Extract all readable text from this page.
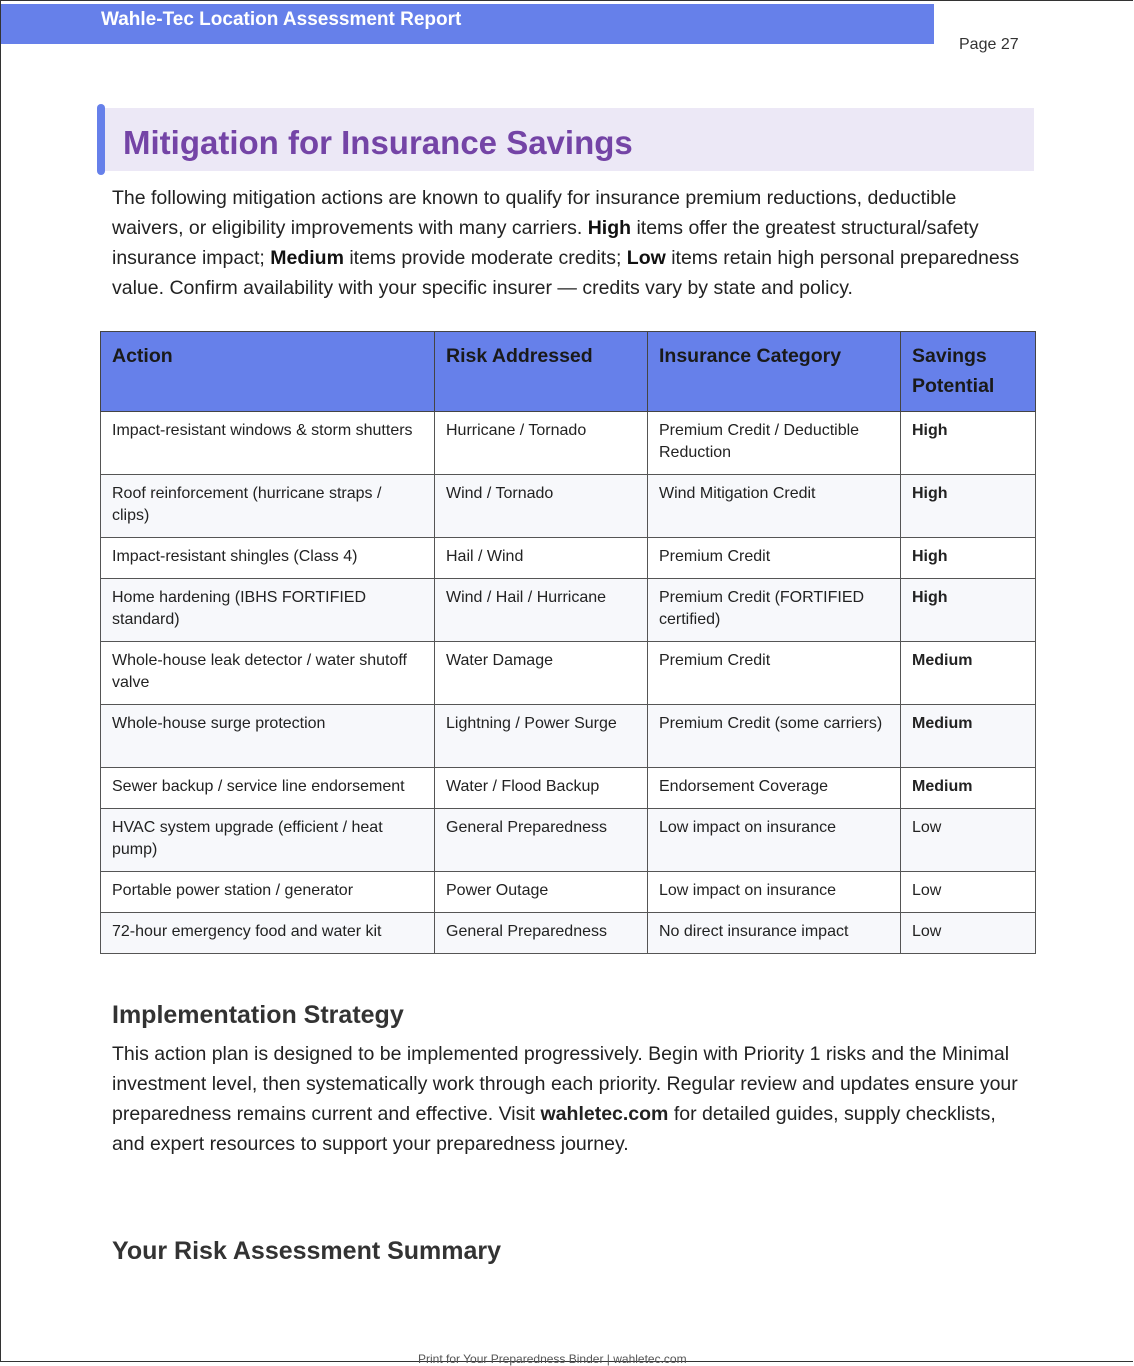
Wahle-Tec Location Assessment Report
Page 27
Mitigation for Insurance Savings

The following mitigation actions are known to qualify for insurance premium reductions, deductible waivers, or eligibility improvements with many carriers. High items offer the greatest structural/safety insurance impact; Medium items provide moderate credits; Low items retain high personal preparedness value. Confirm availability with your specific insurer — credits vary by state and policy.

Action	Risk Addressed	Insurance Category	Savings Potential
Impact-resistant windows & storm shutters	Hurricane / Tornado	Premium Credit / Deductible Reduction	High
Roof reinforcement (hurricane straps / clips)	Wind / Tornado	Wind Mitigation Credit	High
Impact-resistant shingles (Class 4)	Hail / Wind	Premium Credit	High
Home hardening (IBHS FORTIFIED standard)	Wind / Hail / Hurricane	Premium Credit (FORTIFIED certified)	High
Whole-house leak detector / water shutoff valve	Water Damage	Premium Credit	Medium
Whole-house surge protection	Lightning / Power Surge	Premium Credit (some carriers)	Medium
Sewer backup / service line endorsement	Water / Flood Backup	Endorsement Coverage	Medium
HVAC system upgrade (efficient / heat pump)	General Preparedness	Low impact on insurance	Low
Portable power station / generator	Power Outage	Low impact on insurance	Low
72-hour emergency food and water kit	General Preparedness	No direct insurance impact	Low
Implementation Strategy

This action plan is designed to be implemented progressively. Begin with Priority 1 risks and the Minimal investment level, then systematically work through each priority. Regular review and updates ensure your preparedness remains current and effective. Visit wahletec.com for detailed guides, supply checklists, and expert resources to support your preparedness journey.

Your Risk Assessment Summary
Print for Your Preparedness Binder | wahletec.com
